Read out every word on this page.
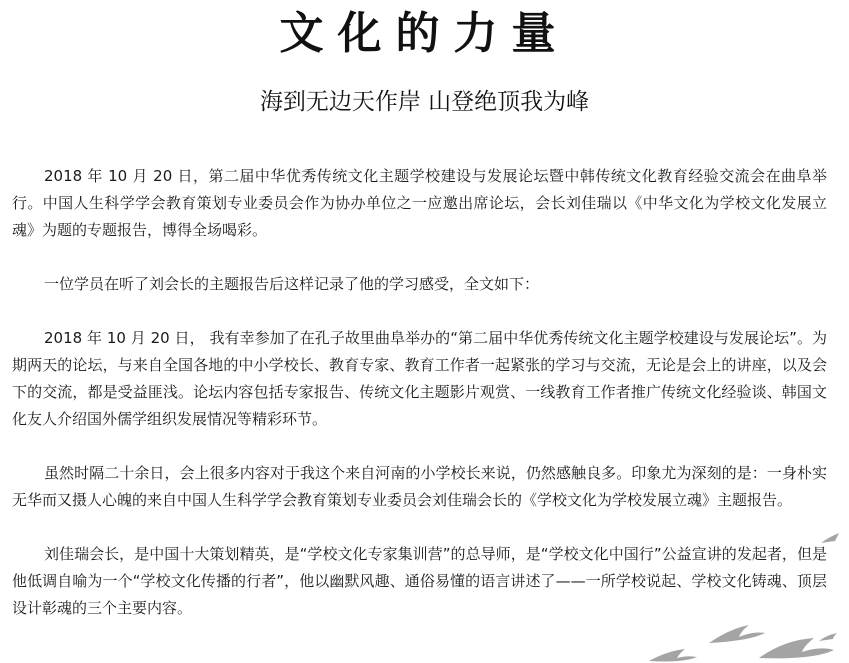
文化的力量
海到无边天作岸 山登绝顶我为峰

2018 年 10 月 20 日，第二届中华优秀传统文化主题学校建设与发展论坛暨中韩传统文化教育经验交流会在曲阜举行。中国人生科学学会教育策划专业委员会作为协办单位之一应邀出席论坛，会长刘佳瑞以《中华文化为学校文化发展立魂》为题的专题报告，博得全场喝彩。

一位学员在听了刘会长的主题报告后这样记录了他的学习感受，全文如下：

2018 年 10 月 20 日， 我有幸参加了在孔子故里曲阜举办的“第二届中华优秀传统文化主题学校建设与发展论坛”。为期两天的论坛，与来自全国各地的中小学校长、教育专家、教育工作者一起紧张的学习与交流，无论是会上的讲座，以及会下的交流，都是受益匪浅。论坛内容包括专家报告、传统文化主题影片观赏、一线教育工作者推广传统文化经验谈、韩国文化友人介绍国外儒学组织发展情况等精彩环节。

虽然时隔二十余日，会上很多内容对于我这个来自河南的小学校长来说，仍然感触良多。印象尤为深刻的是：一身朴实无华而又摄人心魄的来自中国人生科学学会教育策划专业委员会刘佳瑞会长的《学校文化为学校发展立魂》主题报告。

刘佳瑞会长，是中国十大策划精英，是“学校文化专家集训营”的总导师，是“学校文化中国行”公益宣讲的发起者，但是他低调自喻为一个“学校文化传播的行者”，他以幽默风趣、通俗易懂的语言讲述了——一所学校说起、学校文化铸魂、顶层设计彰魂的三个主要内容。
